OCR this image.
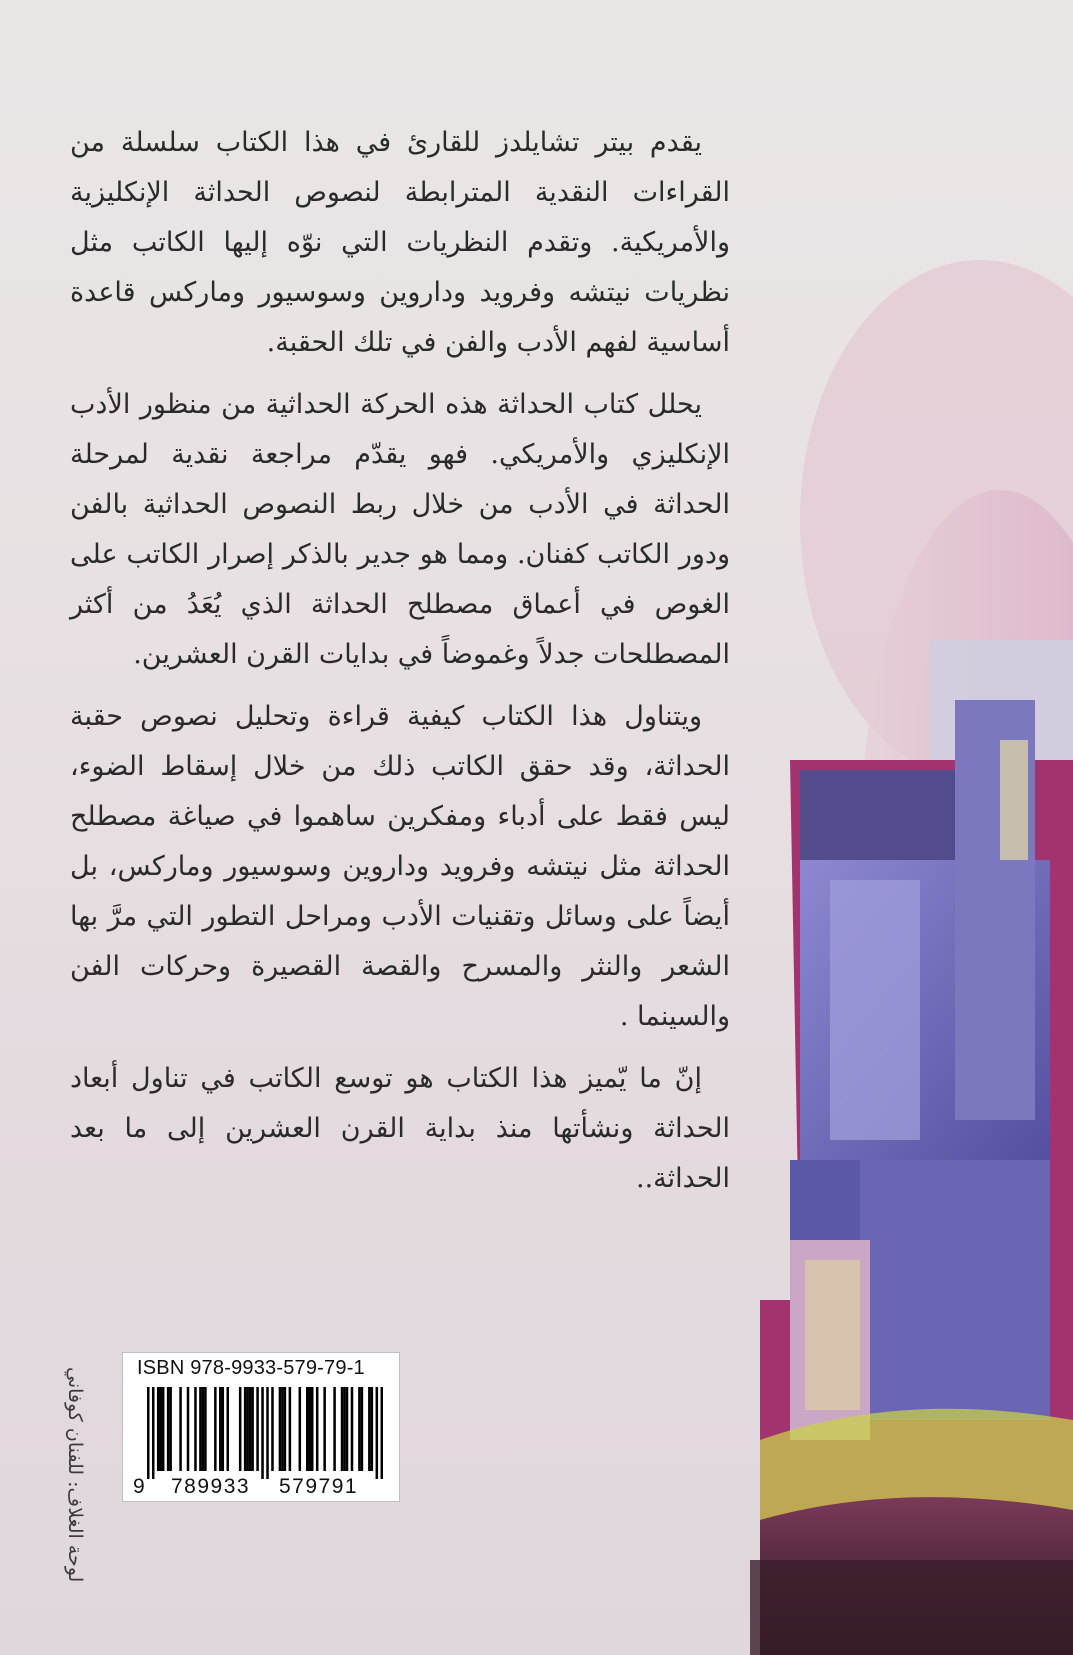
يقدم بيتر تشايلدز للقارئ في هذا الكتاب سلسلة من القراءات النقدية المترابطة لنصوص الحداثة الإنكليزية والأمريكية. وتقدم النظريات التي نوّه إليها الكاتب مثل نظريات نيتشه وفرويد وداروين وسوسيور وماركس قاعدة أساسية لفهم الأدب والفن في تلك الحقبة.

يحلل كتاب الحداثة هذه الحركة الحداثية من منظور الأدب الإنكليزي والأمريكي. فهو يقدّم مراجعة نقدية لمرحلة الحداثة في الأدب من خلال ربط النصوص الحداثية بالفن ودور الكاتب كفنان. ومما هو جدير بالذكر إصرار الكاتب على الغوص في أعماق مصطلح الحداثة الذي يُعَدُ من أكثر المصطلحات جدلاً وغموضاً في بدايات القرن العشرين.

ويتناول هذا الكتاب كيفية قراءة وتحليل نصوص حقبة الحداثة، وقد حقق الكاتب ذلك من خلال إسقاط الضوء، ليس فقط على أدباء ومفكرين ساهموا في صياغة مصطلح الحداثة مثل نيتشه وفرويد وداروين وسوسيور وماركس، بل أيضاً على وسائل وتقنيات الأدب ومراحل التطور التي مرَّ بها الشعر والنثر والمسرح والقصة القصيرة وحركات الفن والسينما .

إنّ ما يّميز هذا الكتاب هو توسع الكاتب في تناول أبعاد الحداثة ونشأتها منذ بداية القرن العشرين إلى ما بعد الحداثة..

لوحة الغلاف: للفنان كوفاني	ISBN 978-9933-579-79-1
9 789933 579791
